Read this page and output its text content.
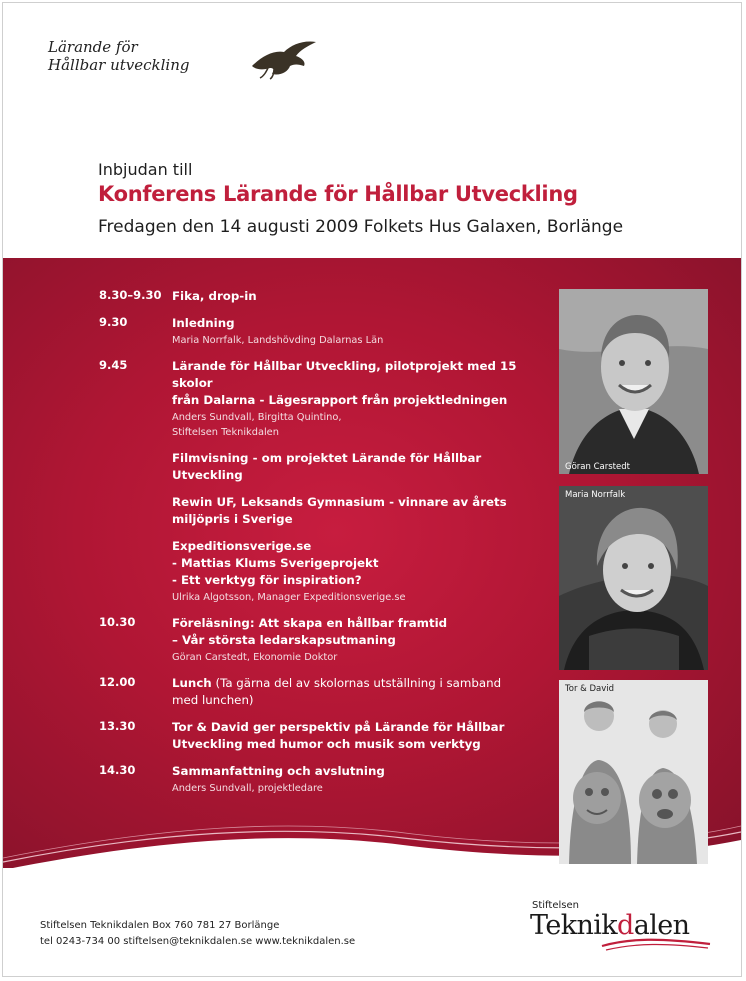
Lärande för
Hållbar utveckling
Inbjudan till
Konferens Lärande för Hållbar Utveckling
Fredagen den 14 augusti 2009 Folkets Hus Galaxen, Borlänge
8.30–9.30 Fika, drop-in
9.30	Inledning
Maria Norrfalk, Landshövding Dalarnas Län
9.45	Lärande för Hållbar Utveckling, pilotprojekt med 15 skolor
från Dalarna - Lägesrapport från projektledningen
Anders Sundvall, Birgitta Quintino,
Stiftelsen Teknikdalen
Filmvisning - om projektet Lärande för Hållbar Utveckling
Rewin UF, Leksands Gymnasium - vinnare av årets
miljöpris i Sverige
Expeditionsverige.se
- Mattias Klums Sverigeprojekt
- Ett verktyg för inspiration?
Ulrika Algotsson, Manager Expeditionsverige.se
10.30	Föreläsning: Att skapa en hållbar framtid
– Vår största ledarskapsutmaning
Göran Carstedt, Ekonomie Doktor
12.00	Lunch (Ta gärna del av skolornas utställning i samband
med lunchen)
13.30	Tor & David ger perspektiv på Lärande för Hållbar
Utveckling med humor och musik som verktyg
14.30	Sammanfattning och avslutning
Anders Sundvall, projektledare
Göran Carstedt
Maria Norrfalk
Tor & David
Stiftelsen Teknikdalen Box 760 781 27 Borlänge
tel 0243-734 00 stiftelsen@teknikdalen.se www.teknikdalen.se
Stiftelsen
Teknikdalen
